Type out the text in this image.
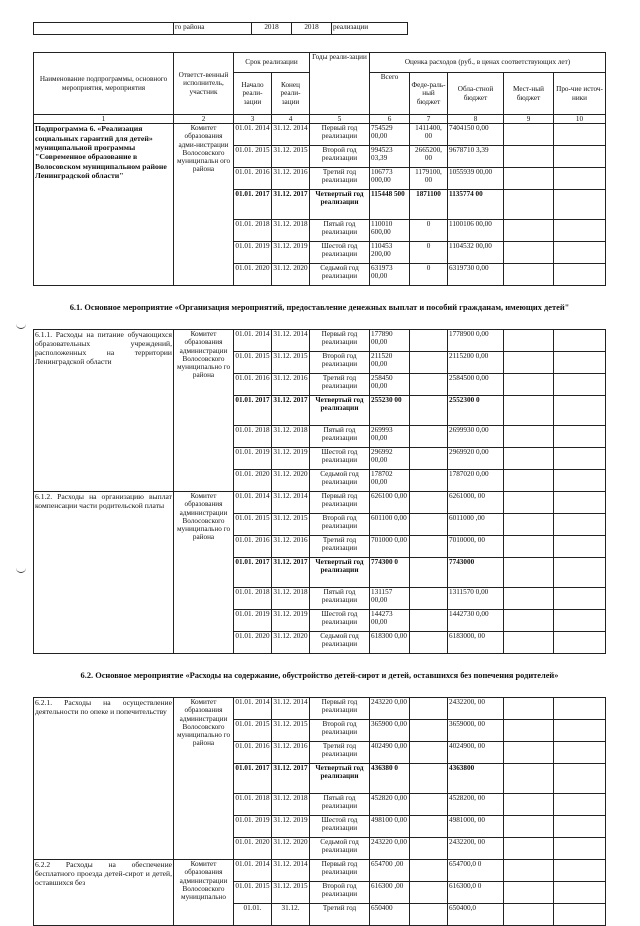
	го района	2018	2018	реализации
Наименование подпрограммы, основного мероприятия, мероприятия	Ответст-венный исполнитель, участник	Срок реализации		Годы реали-зации	Оценка расходов (руб., в ценах соответствующих лет)				
		Начало реали-зации	Конец реали-зации		Всего	Феде-раль-ный бюджет	Обла-стной бюджет	Мест-ный бюджет	Про-чие источ-ники
1	2	3	4	5	6	7	8	9	10
Подпрограмма 6. «Реализация социальных гарантий для детей» муниципальной программы "Современное образование в Волосовском муниципальном районе Ленинградской области"	Комитет образования адми-нистрации Волосовского муниципальн ого района	01.01. 2014	31.12. 2014	Первый год реализации	754529 00,00	1411400, 00	7404150 0,00		
		01.01. 2015	31.12. 2015	Второй год реализации	994523 03,39	2665200, 00	9678710 3,39		
		01.01. 2016	31.12. 2016	Третий год реализации	106773 000,00	1179100, 00	1055939 00,00		
		01.01. 2017	31.12. 2017	Четвертый год реализации	115448 500	1871100	1135774 00		
		01.01. 2018	31.12. 2018	Пятый год реализации	110010 600,00	0	1100106 00,00		
		01.01. 2019	31.12. 2019	Шестой год реализации	110453 200,00	0	1104532 00,00		
		01.01. 2020	31.12. 2020	Седьмой год реализации	631973 00,00	0	6319730 0,00		
6.1. Основное мероприятие «Организация мероприятий, предоставление денежных выплат и пособий гражданам, имеющих детей"									
6.1.1. Расходы на питание обучающихся образовательных учреждений, расположенных на территории Ленинградской области	Комитет образования администрации Волосовского муниципально го района	01.01. 2014	31.12. 2014	Первый год реализации	177890 00,00		1778900 0,00		
		01.01. 2015	31.12. 2015	Второй год реализации	211520 00,00		2115200 0,00		
		01.01. 2016	31.12. 2016	Третий год реализации	258450 00,00		2584500 0,00		
		01.01. 2017	31.12. 2017	Четвертый год реализации	255230 00		2552300 0		
		01.01. 2018	31.12. 2018	Пятый год реализации	269993 00,00		2699930 0,00		
		01.01. 2019	31.12. 2019	Шестой год реализации	296992 00,00		2969920 0,00		
		01.01. 2020	31.12. 2020	Седьмой год реализации	178702 00,00		1787020 0,00		
6.1.2. Расходы на организацию выплат компенсации части родительской платы	Комитет образования администрации Волосовского муниципально го района	01.01. 2014	31.12. 2014	Первый год реализации	626100 0,00		6261000, 00		
		01.01. 2015	31.12. 2015	Второй год реализации	601100 0,00		6011000 ,00		
		01.01. 2016	31.12. 2016	Третий год реализации	701000 0,00		7010000, 00		
		01.01. 2017	31.12. 2017	Четвертый год реализации	774300 0		7743000		
		01.01. 2018	31.12. 2018	Пятый год реализации	131157 00,00		1311570 0,00		
		01.01. 2019	31.12. 2019	Шестой год реализации	144273 00,00		1442730 0,00		
		01.01. 2020	31.12. 2020	Седьмой год реализации	618300 0,00		6183000, 00		
6.2. Основное мероприятие «Расходы на содержание, обустройство детей-сирот и детей, оставшихся без попечения родителей»									
6.2.1. Расходы на осуществление деятельности по опеке и попечительству	Комитет образования администрации Волосовского муниципально го района	01.01. 2014	31.12. 2014	Первый год реализации	243220 0,00		2432200, 00		
		01.01. 2015	31.12. 2015	Второй год реализации	365900 0,00		3659000, 00		
		01.01. 2016	31.12. 2016	Третий год реализации	402490 0,00		4024900, 00		
		01.01. 2017	31.12. 2017	Четвертый год реализации	436380 0		4363800		
		01.01. 2018	31.12. 2018	Пятый год реализации	452820 0,00		4528200, 00		
		01.01. 2019	31.12. 2019	Шестой год реализации	498100 0,00		4981000, 00		
		01.01. 2020	31.12. 2020	Седьмой год реализации	243220 0,00		2432200, 00		
6.2.2 Расходы на обеспечение бесплатного проезда детей-сирот и детей, оставшихся без	Комитет образования администрации Волосовского муниципально	01.01. 2014	31.12. 2014	Первый год реализации	654700 ,00		654700,0 0		
		01.01. 2015	31.12. 2015	Второй год реализации	616300 ,00		616300,0 0		
		01.01.	31.12.	Третий год	650400		650400,0		
